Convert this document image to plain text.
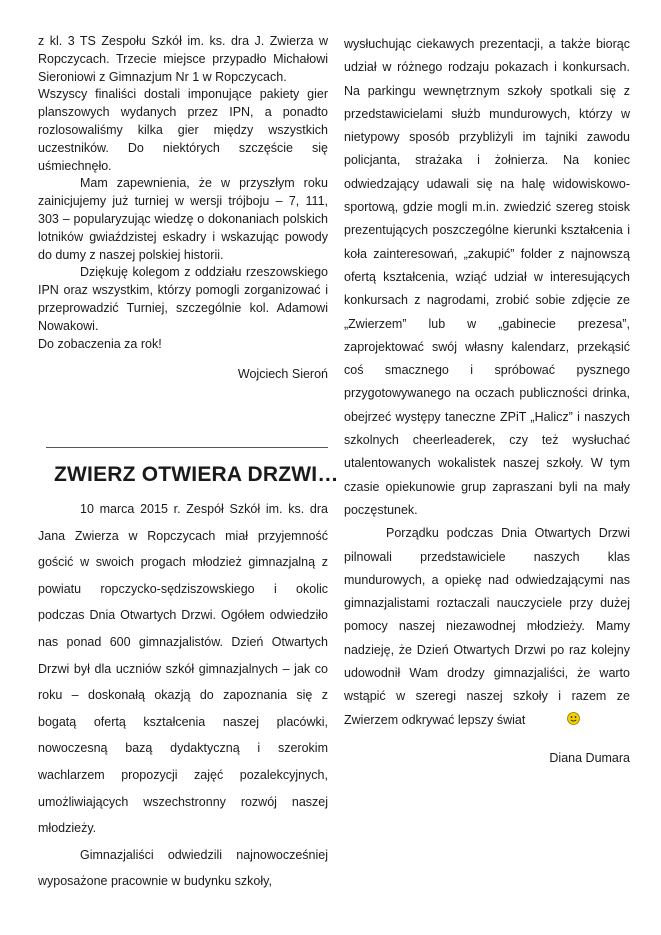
z kl. 3 TS Zespołu Szkół im. ks. dra J. Zwierza w Ropczycach. Trzecie miejsce przypadło Michałowi Sieroniowi z Gimnazjum Nr 1 w Ropczycach.

Wszyscy finaliści dostali imponujące pakiety gier planszowych wydanych przez IPN, a ponadto rozlosowaliśmy kilka gier między wszystkich uczestników. Do niektórych szczęście się uśmiechnęło.

Mam zapewnienia, że w przyszłym roku zainicjujemy już turniej w wersji trójboju – 7, 111, 303 – popularyzując wiedzę o dokonaniach polskich lotników gwiaździstej eskadry i wskazując powody do dumy z naszej polskiej historii.

Dziękuję kolegom z oddziału rzeszowskiego IPN oraz wszystkim, którzy pomogli zorganizować i przeprowadzić Turniej, szczególnie kol. Adamowi Nowakowi.

Do zobaczenia za rok!

Wojciech Sieroń

ZWIERZ OTWIERA DRZWI…

10 marca 2015 r. Zespół Szkół im. ks. dra Jana Zwierza w Ropczycach miał przyjemność gościć w swoich progach młodzież gimnazjalną z powiatu ropczycko-sędziszowskiego i okolic podczas Dnia Otwartych Drzwi. Ogółem odwiedziło nas ponad 600 gimnazjalistów. Dzień Otwartych Drzwi był dla uczniów szkół gimnazjalnych – jak co roku – doskonałą okazją do zapoznania się z bogatą ofertą kształcenia naszej placówki, nowoczesną bazą dydaktyczną i szerokim wachlarzem propozycji zajęć pozalekcyjnych, umożliwiających wszechstronny rozwój naszej młodzieży.

Gimnazjaliści odwiedzili najnowocześniej wyposażone pracownie w budynku szkoły,

wysłuchując ciekawych prezentacji, a także biorąc udział w różnego rodzaju pokazach i konkursach. Na parkingu wewnętrznym szkoły spotkali się z przedstawicielami służb mundurowych, którzy w nietypowy sposób przybliżyli im tajniki zawodu policjanta, strażaka i żołnierza. Na koniec odwiedzający udawali się na halę widowiskowo-sportową, gdzie mogli m.in. zwiedzić szereg stoisk prezentujących poszczególne kierunki kształcenia i koła zainteresowań, „zakupić” folder z najnowszą ofertą kształcenia, wziąć udział w interesujących konkursach z nagrodami, zrobić sobie zdjęcie ze „Zwierzem” lub w „gabinecie prezesa”, zaprojektować swój własny kalendarz, przekąsić coś smacznego i spróbować pysznego przygotowywanego na oczach publiczności drinka, obejrzeć występy taneczne ZPiT „Halicz” i naszych szkolnych cheerleaderek, czy też wysłuchać utalentowanych wokalistek naszej szkoły. W tym czasie opiekunowie grup zapraszani byli na mały poczęstunek.

Porządku podczas Dnia Otwartych Drzwi pilnowali przedstawiciele naszych klas mundurowych, a opiekę nad odwiedzającymi nas gimnazjalistami roztaczali nauczyciele przy dużej pomocy naszej niezawodnej młodzieży. Mamy nadzieję, że Dzień Otwartych Drzwi po raz kolejny udowodnił Wam drodzy gimnazjaliści, że warto wstąpić w szeregi naszej szkoły i razem ze Zwierzem odkrywać lepszy świat

Diana Dumara
